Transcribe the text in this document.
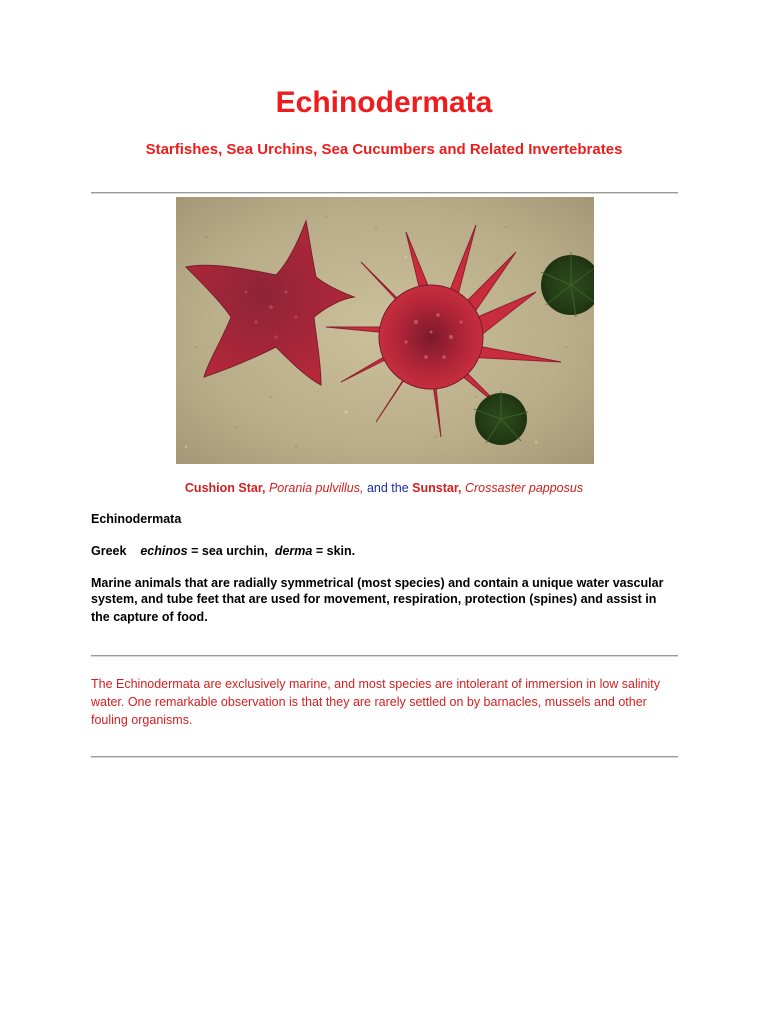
Echinodermata
Starfishes, Sea Urchins, Sea Cucumbers and Related Invertebrates
Cushion Star, Porania pulvillus, and the Sunstar, Crossaster papposus
Echinodermata
Greek echinos = sea urchin, derma = skin.
Marine animals that are radially symmetrical (most species) and contain a unique water vascular
system, and tube feet that are used for movement, respiration, protection (spines) and assist in
the capture of food.
The Echinodermata are exclusively marine, and most species are intolerant of immersion in low salinity
water. One remarkable observation is that they are rarely settled on by barnacles, mussels and other
fouling organisms.
